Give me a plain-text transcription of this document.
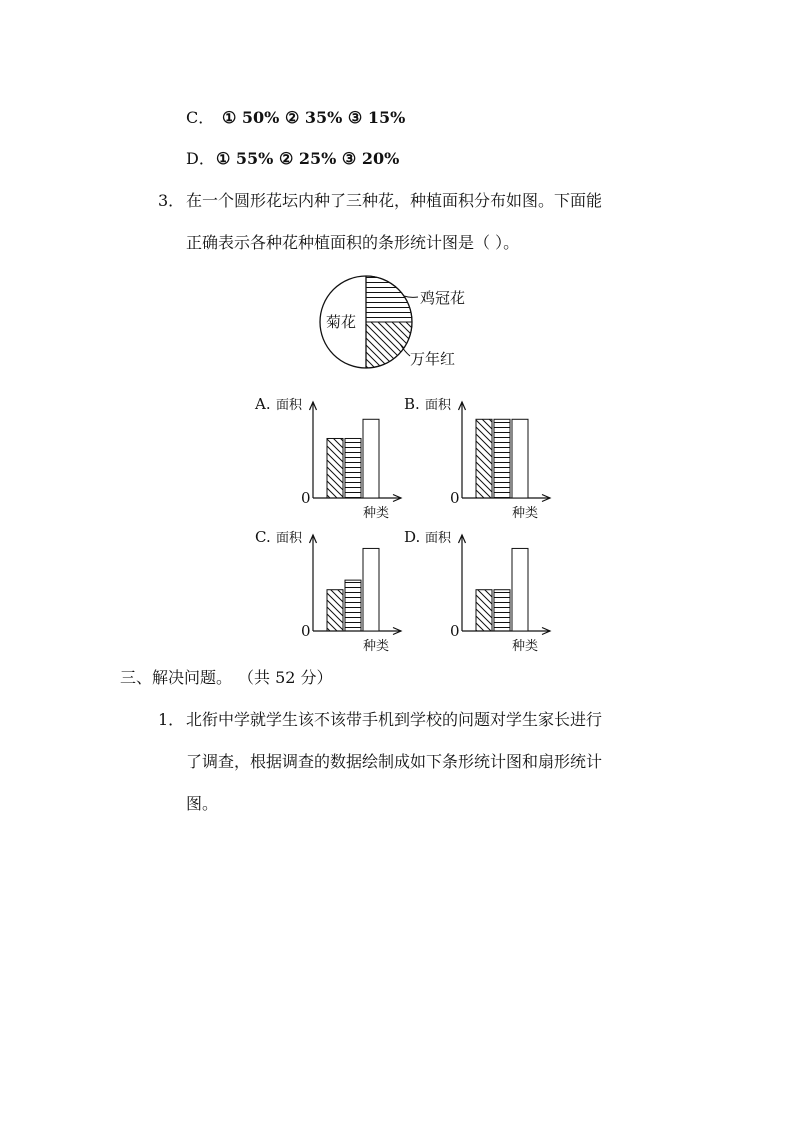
C． ① 50% ② 35% ③ 15%
D．① 55% ② 25% ③ 20%
3． 在一个圆形花坛内种了三种花，种植面积分布如图。下面能
正确表示各种花种植面积的条形统计图是（ ）。
菊花
鸡冠花
万年红
0
A. 面积
种类
0
B. 面积
种类
0
C. 面积
种类
0
D. 面积
种类
三、解决问题。 （共 52 分）
1． 北衔中学就学生该不该带手机到学校的问题对学生家长进行
了调查，根据调查的数据绘制成如下条形统计图和扇形统计
图。
